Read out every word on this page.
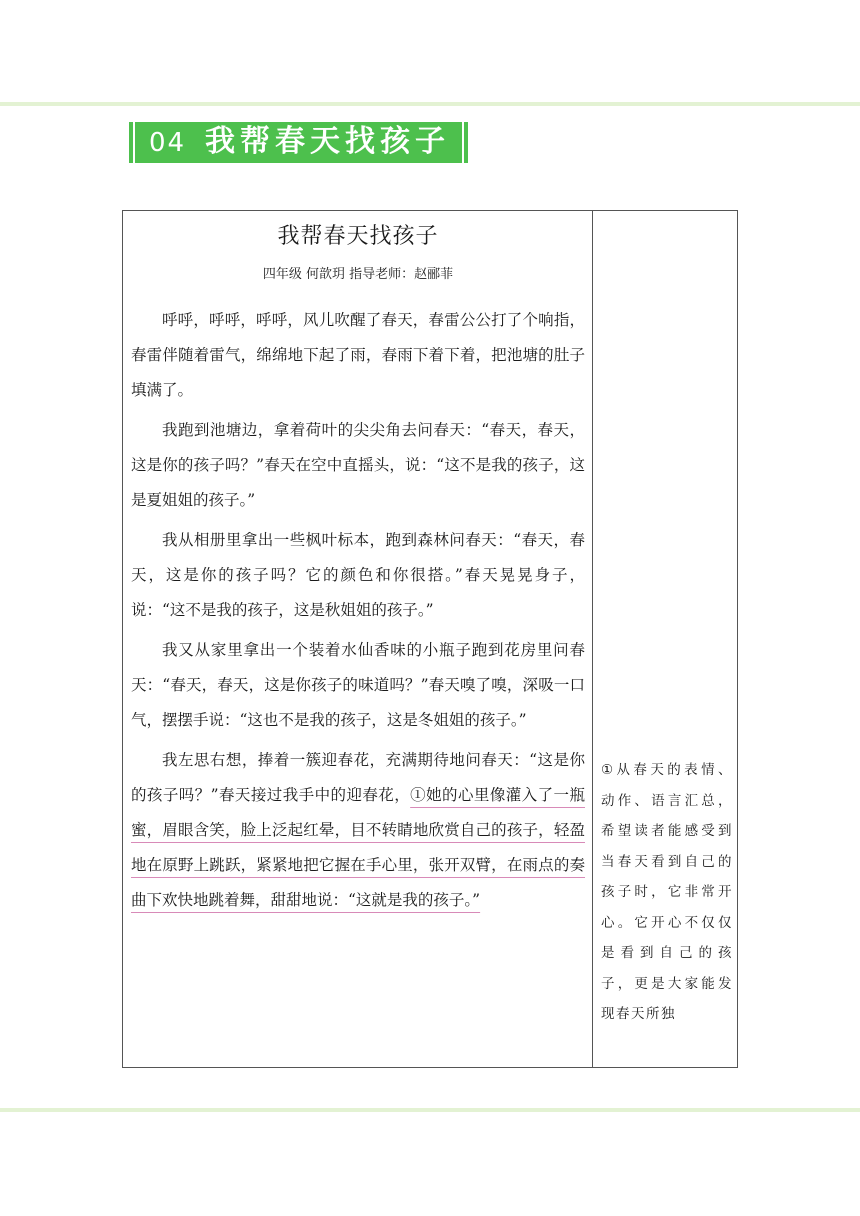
04 我帮春天找孩子
我帮春天找孩子
四年级 何歆玥 指导老师：赵郦菲

呼呼，呼呼，呼呼，风儿吹醒了春天，春雷公公打了个响指，春雷伴随着雷气，绵绵地下起了雨，春雨下着下着，把池塘的肚子填满了。

我跑到池塘边，拿着荷叶的尖尖角去问春天：“春天，春天，这是你的孩子吗？”春天在空中直摇头，说：“这不是我的孩子，这是夏姐姐的孩子。”

我从相册里拿出一些枫叶标本，跑到森林问春天：“春天，春天，这是你的孩子吗？它的颜色和你很搭。”春天晃晃身子，说：“这不是我的孩子，这是秋姐姐的孩子。”

我又从家里拿出一个装着水仙香味的小瓶子跑到花房里问春天：“春天，春天，这是你孩子的味道吗？”春天嗅了嗅，深吸一口气，摆摆手说：“这也不是我的孩子，这是冬姐姐的孩子。”

我左思右想，捧着一簇迎春花，充满期待地问春天：“这是你的孩子吗？”春天接过我手中的迎春花，①她的心里像灌入了一瓶蜜，眉眼含笑，脸上泛起红晕，目不转睛地欣赏自己的孩子，轻盈地在原野上跳跃，紧紧地把它握在手心里，张开双臂，在雨点的奏曲下欢快地跳着舞，甜甜地说：“这就是我的孩子。”

①从春天的表情、动作、语言汇总，希望读者能感受到当春天看到自己的孩子时，它非常开心。它开心不仅仅是看到自己的孩子，更是大家能发现春天所独
